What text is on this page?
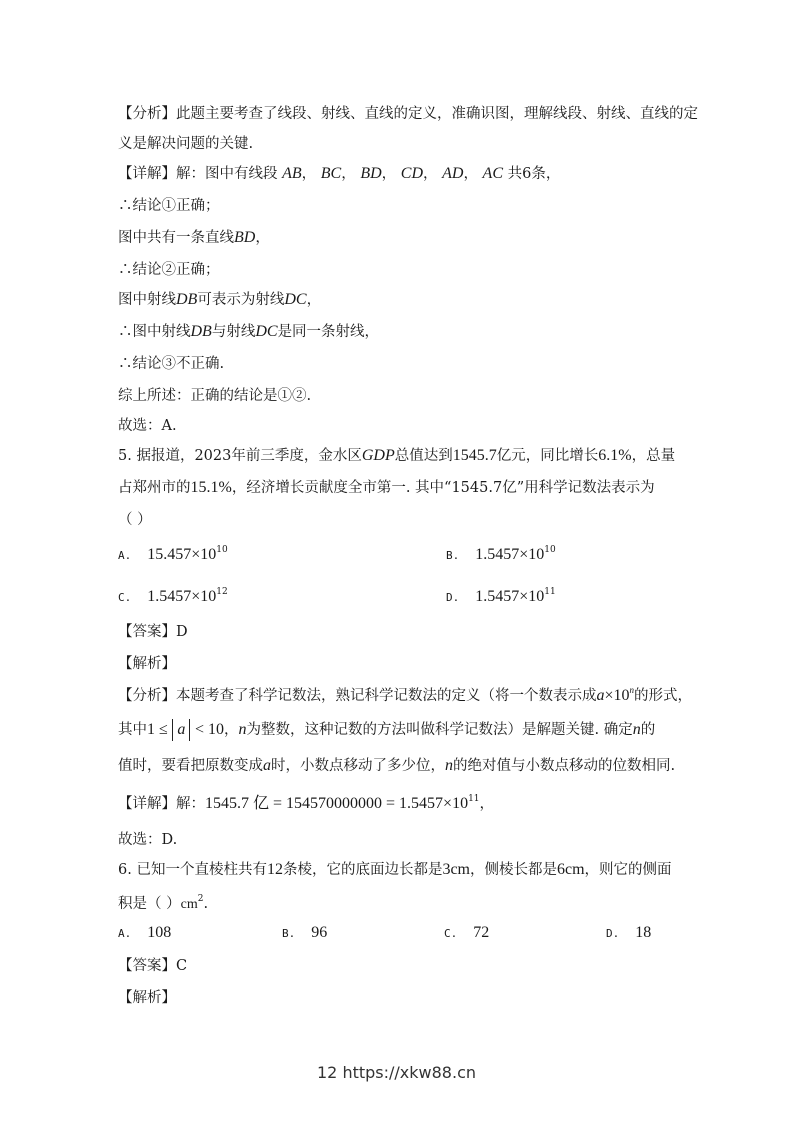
【分析】此题主要考查了线段、射线、直线的定义，准确识图，理解线段、射线、直线的定
义是解决问题的关键.
【详解】解：图中有线段 AB， BC， BD， CD， AD， AC 共6条，
∴结论①正确；
图中共有一条直线BD，
∴结论②正确；
图中射线DB可表示为射线DC，
∴图中射线DB与射线DC是同一条射线，
∴结论③不正确.
综上所述：正确的结论是①②.
故选：A.
5. 据报道，2023年前三季度，金水区GDP总值达到1545.7亿元，同比增长6.1%，总量
占郑州市的15.1%，经济增长贡献度全市第一. 其中“1545.7亿”用科学记数法表示为
（ ）
A. $15.457\times 10^{10}$	B. $1.5457\times 10^{10}$
C. $1.5457\times 10^{12}$	D. $1.5457\times 10^{11}$
【答案】D
【解析】
【分析】本题考查了科学记数法，熟记科学记数法的定义（将一个数表示成$a\times 10^n$的形式，
其中1 ≤ a < 10，n为整数，这种记数的方法叫做科学记数法）是解题关键. 确定n的
值时，要看把原数变成a时，小数点移动了多少位，n的绝对值与小数点移动的位数相同.
【详解】解：1545.7 亿 = $154570000000 = 1.5457\times 10^{11}$，
故选：D.
6. 已知一个直棱柱共有12条棱，它的底面边长都是3cm，侧棱长都是6cm，则它的侧面
积是（ ）$cm^2$.
A. 108	B. 96	C. 72	D. 18
【答案】C
【解析】
12 https://xkw88.cn
